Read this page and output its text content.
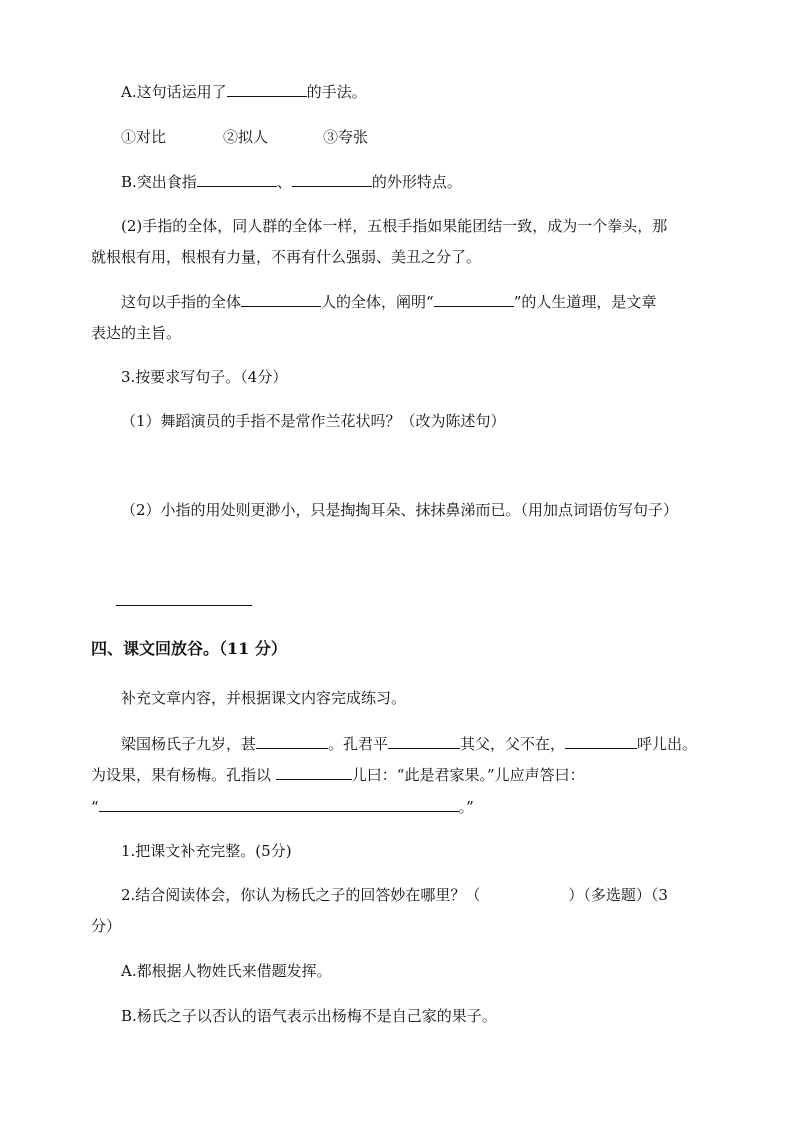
A.这句话运用了	的手法。
①对比	②拟人	③夸张
B.突出食指	、	的外形特点。
(2)手指的全体，同人群的全体一样，五根手指如果能团结一致，成为一个拳头，那
就根根有用，根根有力量，不再有什么强弱、美丑之分了。
这句以手指的全体	人的全体，阐明“	”的人生道理，是文章
表达的主旨。
3.按要求写句子。（4分）
（1）舞蹈演员的手指不是常作兰花状吗？（改为陈述句）
（2）小指的用处则更渺小，只是掏掏耳朵、抹抹鼻涕而已。（用加点词语仿写句子）
四、课文回放谷。（11 分）
补充文章内容，并根据课文内容完成练习。
梁国杨氏子九岁，甚	。孔君平	其父，父不在，	呼儿出。
为设果，果有杨梅。孔指以	儿曰：“此是君家果。”儿应声答曰：
“	。”
1.把课文补充完整。(5分)
2.结合阅读体会，你认为杨氏之子的回答妙在哪里？（	）（多选题）（3
分）
A.都根据人物姓氏来借题发挥。
B.杨氏之子以否认的语气表示出杨梅不是自己家的果子。
